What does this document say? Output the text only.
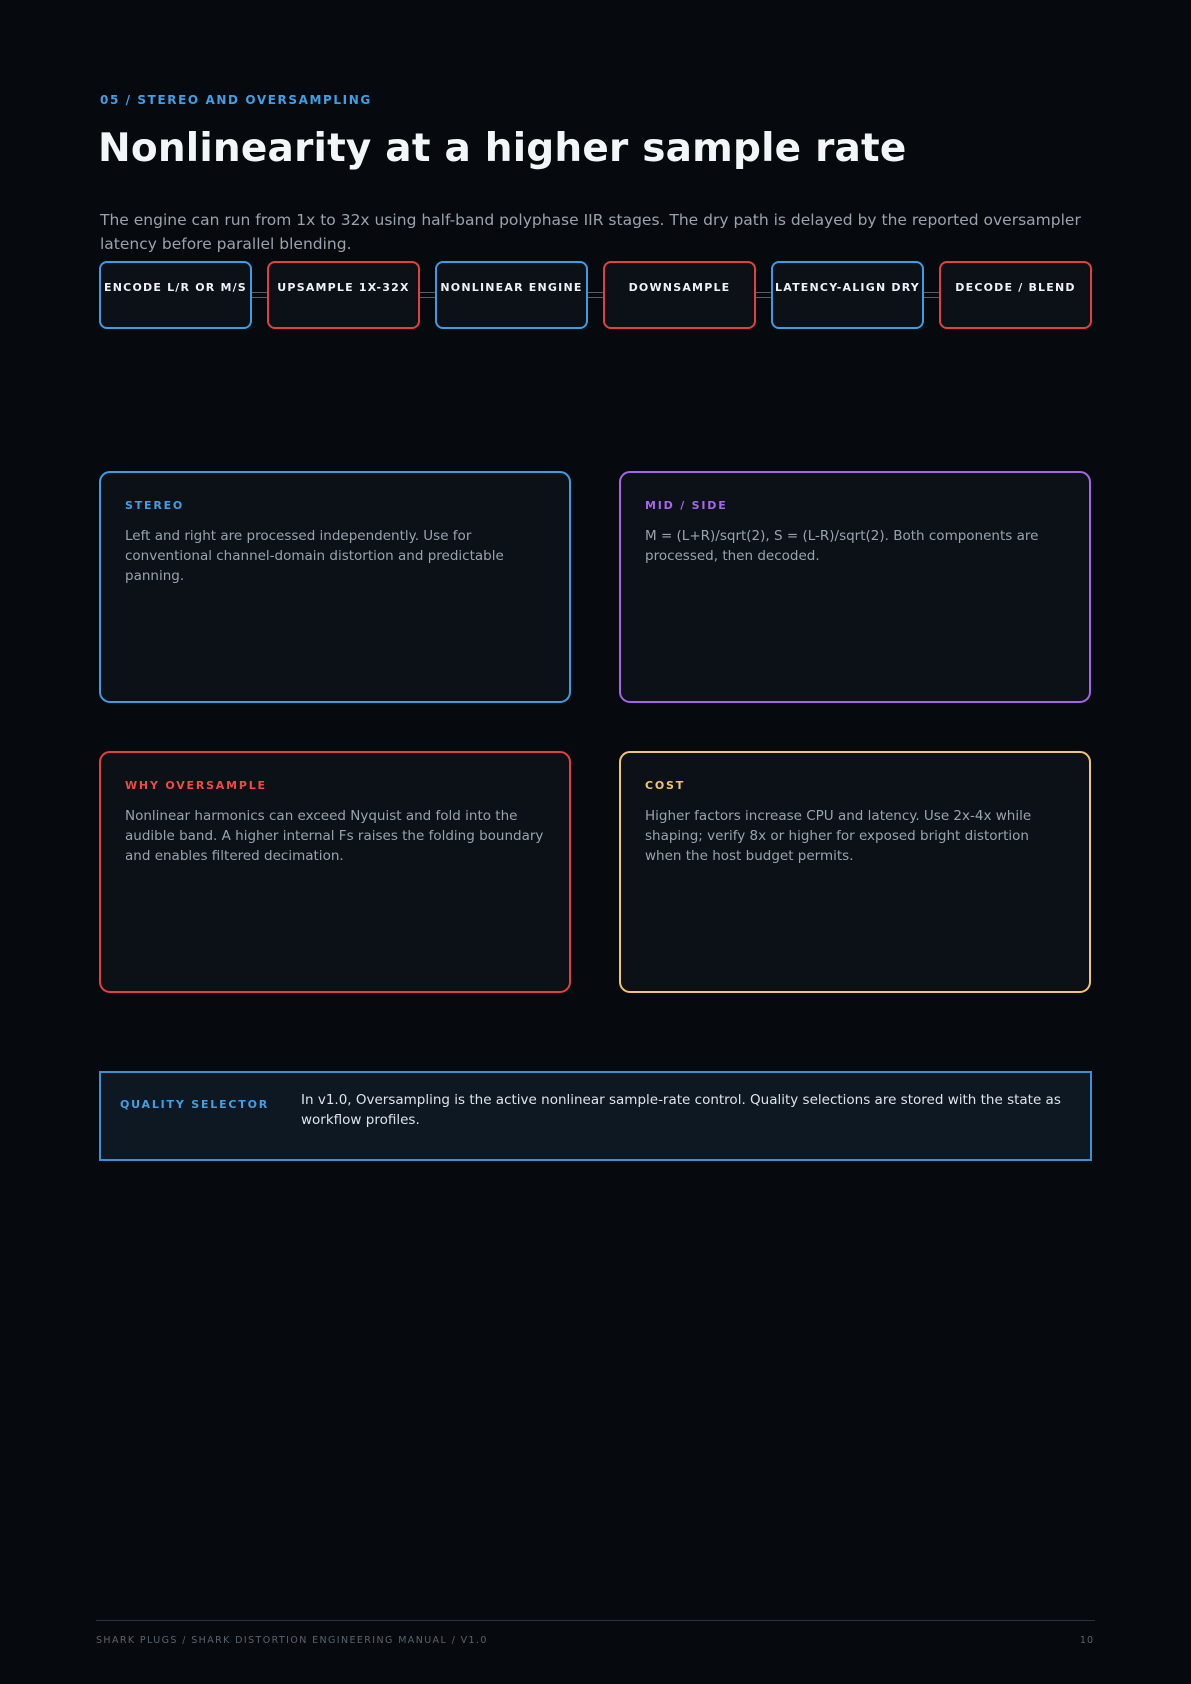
05 / STEREO AND OVERSAMPLING
Nonlinearity at a higher sample rate

The engine can run from 1x to 32x using half-band polyphase IIR stages. The dry path is delayed by the reported oversampler latency before parallel blending.

ENCODE L/R OR M/S	UPSAMPLE 1X-32X	NONLINEAR ENGINE	DOWNSAMPLE	LATENCY-ALIGN DRY	DECODE / BLEND
STEREO
Left and right are processed independently. Use for conventional channel-domain distortion and predictable panning.
MID / SIDE
M = (L+R)/sqrt(2), S = (L-R)/sqrt(2). Both components are processed, then decoded.
WHY OVERSAMPLE
Nonlinear harmonics can exceed Nyquist and fold into the audible band. A higher internal Fs raises the folding boundary and enables filtered decimation.
COST
Higher factors increase CPU and latency. Use 2x-4x while shaping; verify 8x or higher for exposed bright distortion when the host budget permits.
QUALITY SELECTOR In v1.0, Oversampling is the active nonlinear sample-rate control. Quality selections are stored with the state as workflow profiles.
SHARK PLUGS / SHARK DISTORTION ENGINEERING MANUAL / V1.0	10
